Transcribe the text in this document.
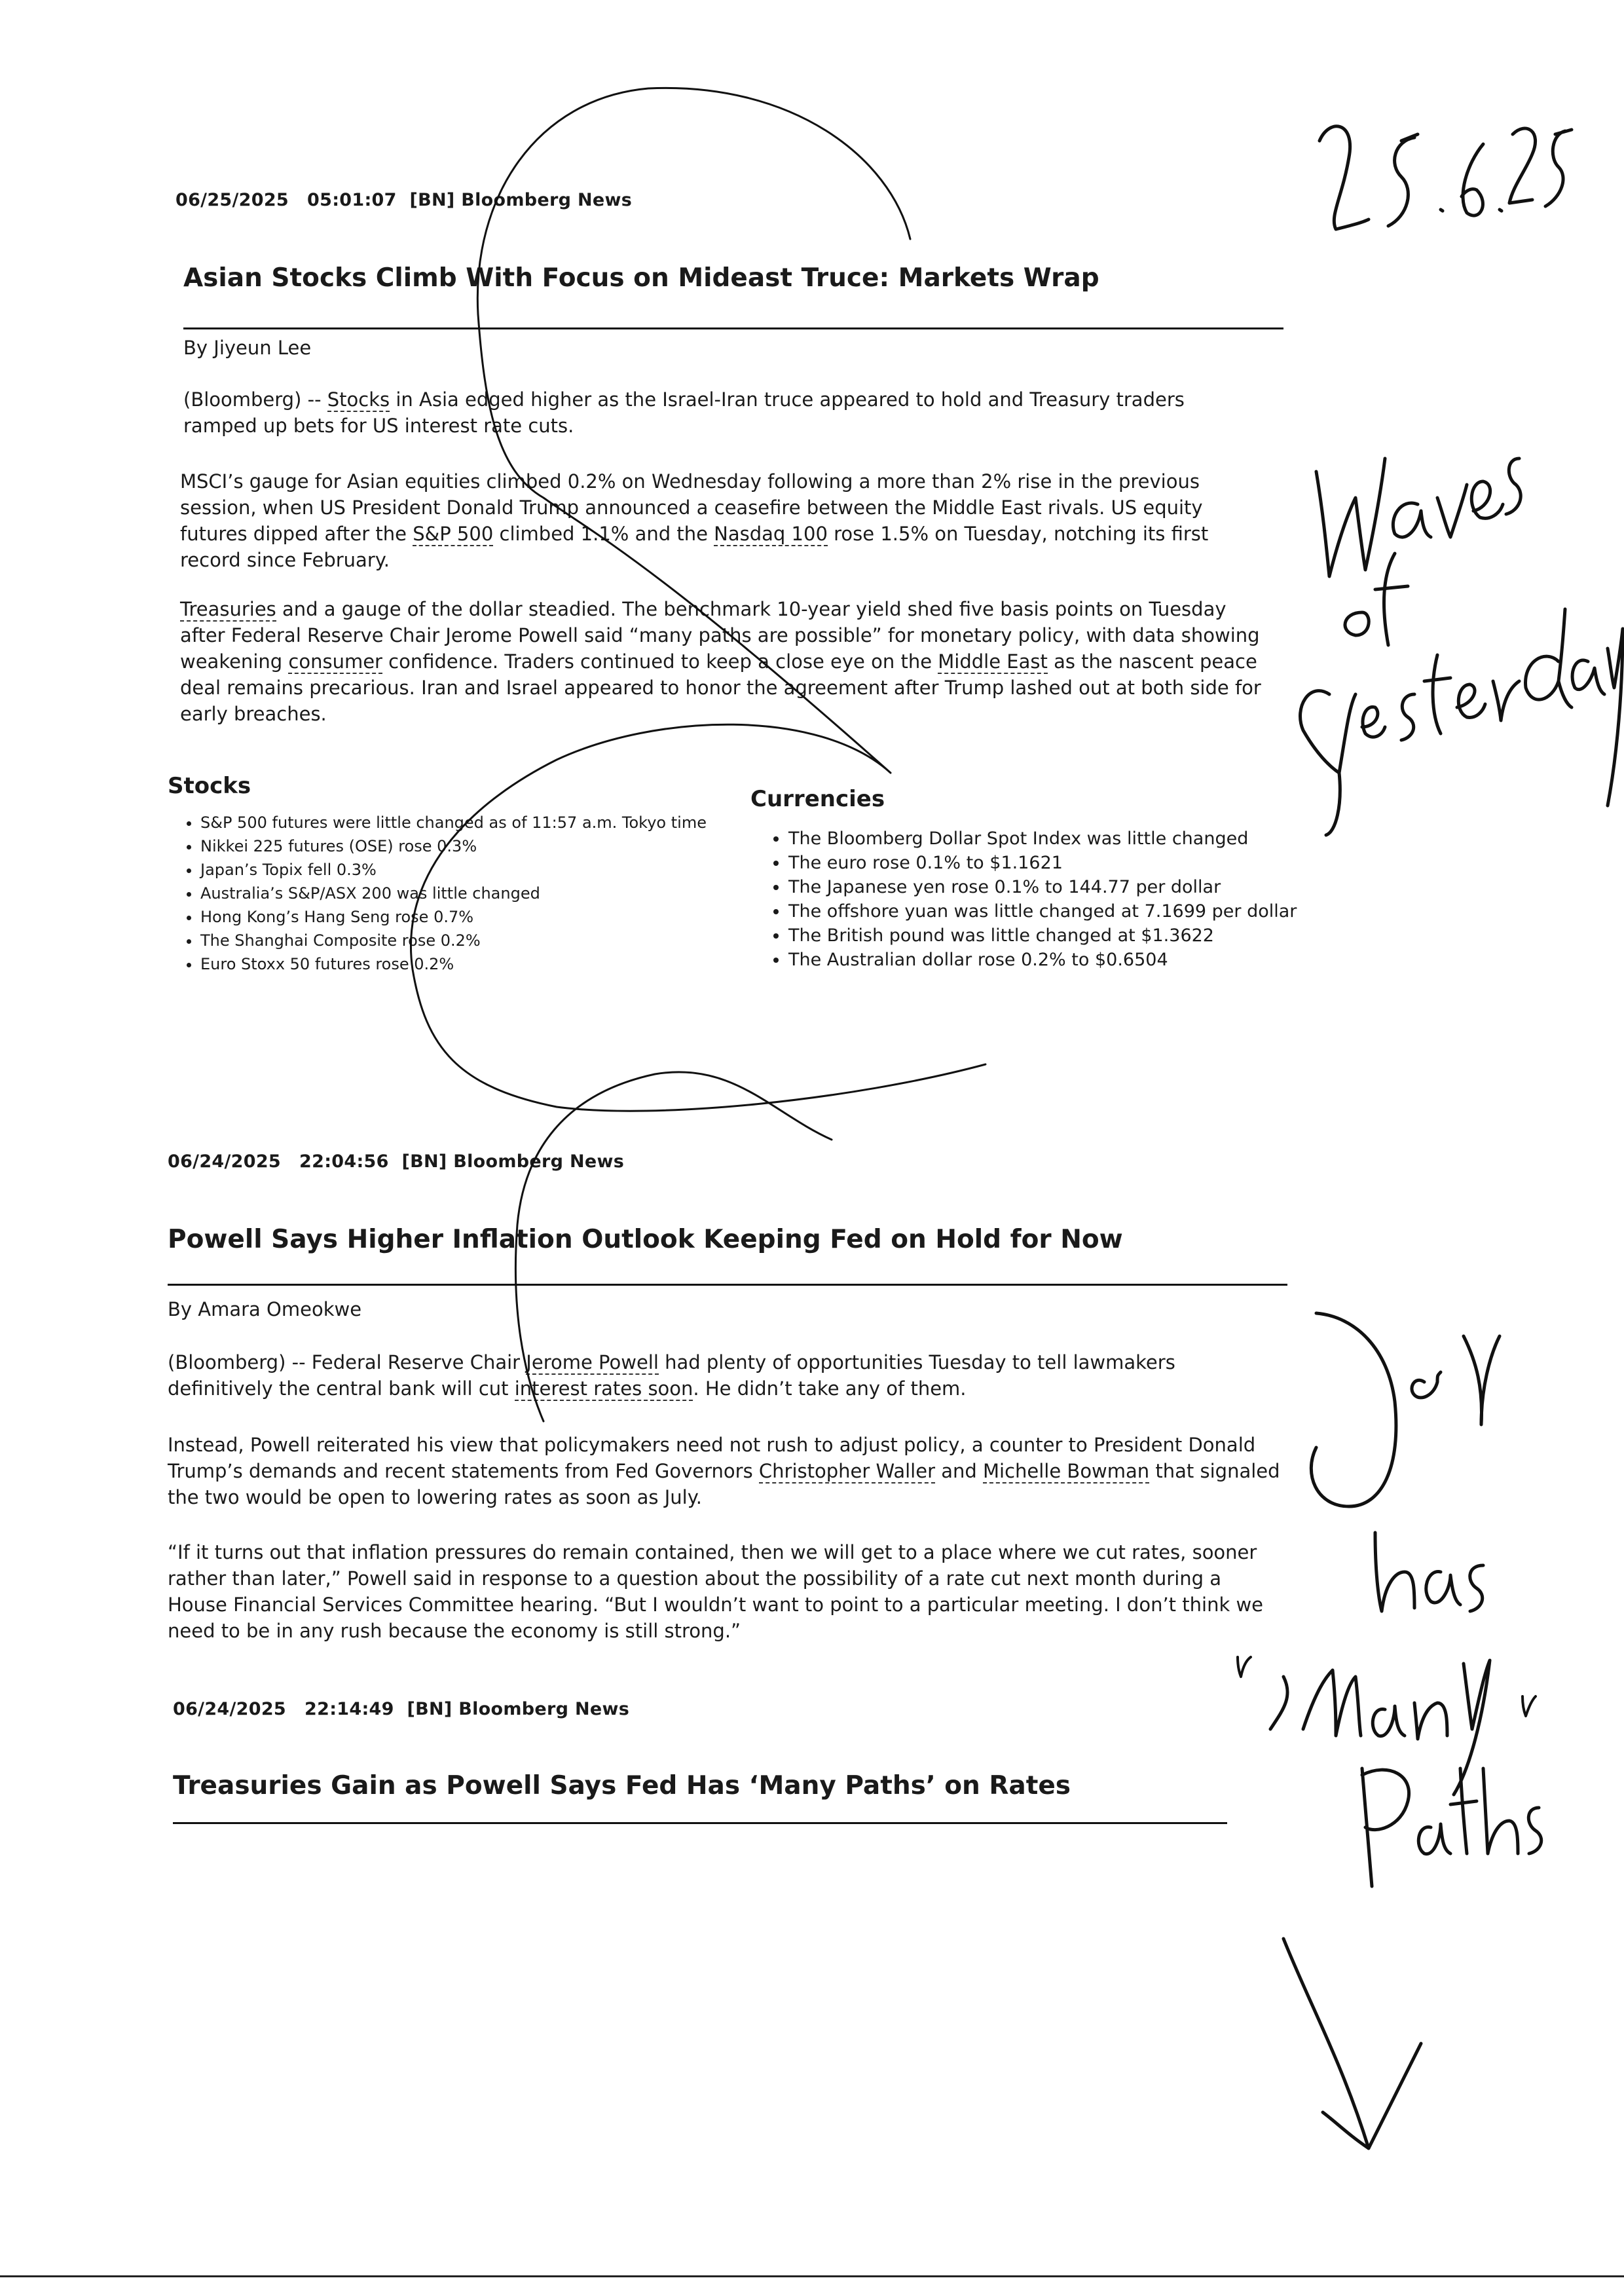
06/25/2025 05:01:07 [BN] Bloomberg News
Asian Stocks Climb With Focus on Mideast Truce: Markets Wrap
By Jiyeun Lee
(Bloomberg) -- Stocks in Asia edged higher as the Israel-Iran truce appeared to hold and Treasury traders ramped up bets for US interest rate cuts.
MSCI’s gauge for Asian equities climbed 0.2% on Wednesday following a more than 2% rise in the previous session, when US President Donald Trump announced a ceasefire between the Middle East rivals. US equity futures dipped after the S&P 500 climbed 1.1% and the Nasdaq 100 rose 1.5% on Tuesday, notching its first record since February.
Treasuries and a gauge of the dollar steadied. The benchmark 10-year yield shed five basis points on Tuesday after Federal Reserve Chair Jerome Powell said “many paths are possible” for monetary policy, with data showing weakening consumer confidence. Traders continued to keep a close eye on the Middle East as the nascent peace deal remains precarious. Iran and Israel appeared to honor the agreement after Trump lashed out at both side for early breaches.
Stocks
• S&P 500 futures were little changed as of 11:57 a.m. Tokyo time
• Nikkei 225 futures (OSE) rose 0.3%
• Japan’s Topix fell 0.3%
• Australia’s S&P/ASX 200 was little changed
• Hong Kong’s Hang Seng rose 0.7%
• The Shanghai Composite rose 0.2%
• Euro Stoxx 50 futures rose 0.2%
Currencies
• The Bloomberg Dollar Spot Index was little changed
• The euro rose 0.1% to $1.1621
• The Japanese yen rose 0.1% to 144.77 per dollar
• The offshore yuan was little changed at 7.1699 per dollar
• The British pound was little changed at $1.3622
• The Australian dollar rose 0.2% to $0.6504
06/24/2025 22:04:56 [BN] Bloomberg News
Powell Says Higher Inflation Outlook Keeping Fed on Hold for Now
By Amara Omeokwe
(Bloomberg) -- Federal Reserve Chair Jerome Powell had plenty of opportunities Tuesday to tell lawmakers definitively the central bank will cut interest rates soon. He didn’t take any of them.
Instead, Powell reiterated his view that policymakers need not rush to adjust policy, a counter to President Donald Trump’s demands and recent statements from Fed Governors Christopher Waller and Michelle Bowman that signaled the two would be open to lowering rates as soon as July.
“If it turns out that inflation pressures do remain contained, then we will get to a place where we cut rates, sooner rather than later,” Powell said in response to a question about the possibility of a rate cut next month during a House Financial Services Committee hearing. “But I wouldn’t want to point to a particular meeting. I don’t think we need to be in any rush because the economy is still strong.”
06/24/2025 22:14:49 [BN] Bloomberg News
Treasuries Gain as Powell Says Fed Has ‘Many Paths’ on Rates
